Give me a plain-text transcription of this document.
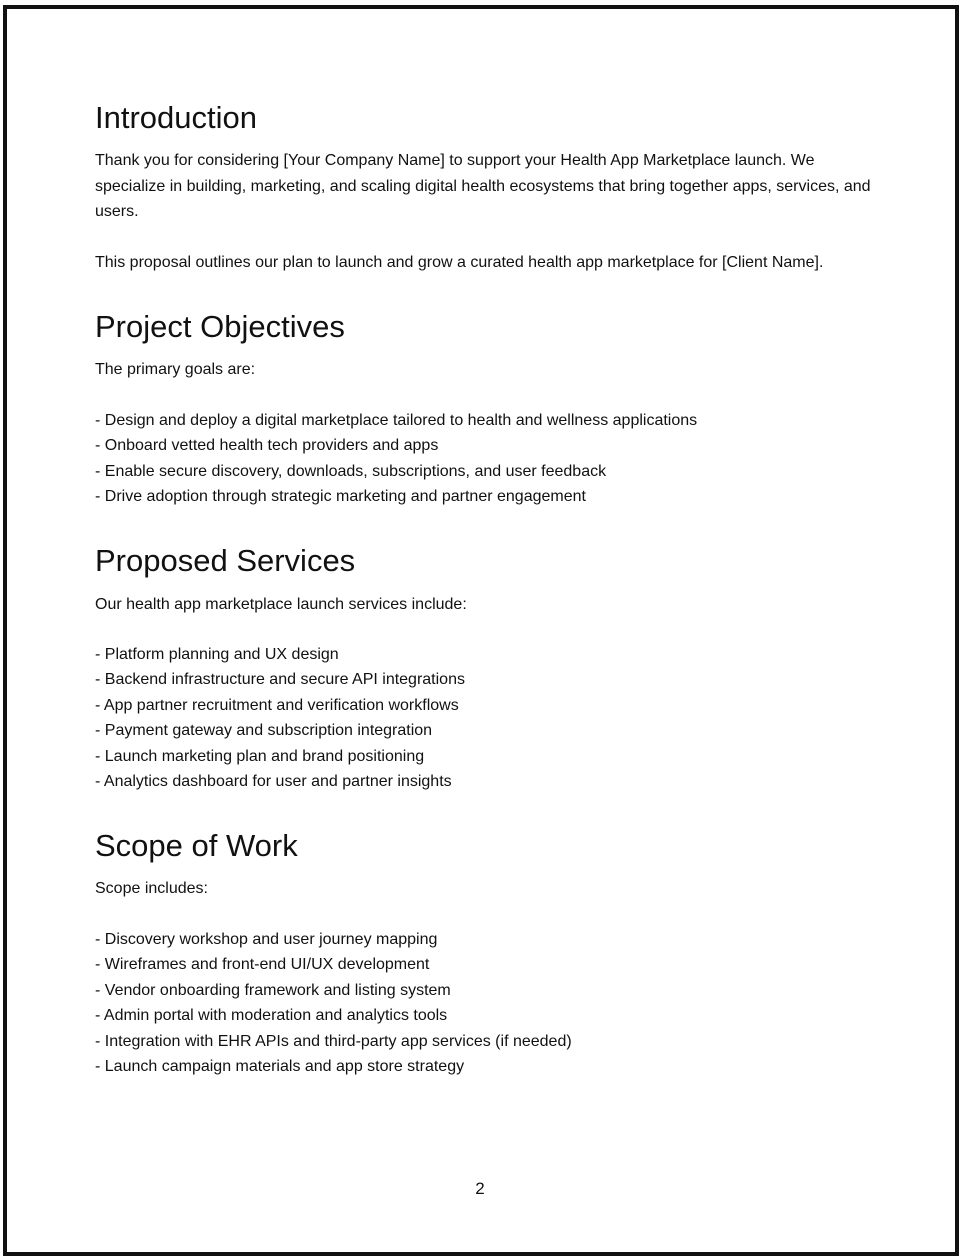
Introduction

Thank you for considering [Your Company Name] to support your Health App Marketplace launch. We specialize in building, marketing, and scaling digital health ecosystems that bring together apps, services, and users.

This proposal outlines our plan to launch and grow a curated health app marketplace for [Client Name].

Project Objectives

The primary goals are:

- Design and deploy a digital marketplace tailored to health and wellness applications
- Onboard vetted health tech providers and apps
- Enable secure discovery, downloads, subscriptions, and user feedback
- Drive adoption through strategic marketing and partner engagement
Proposed Services

Our health app marketplace launch services include:

- Platform planning and UX design
- Backend infrastructure and secure API integrations
- App partner recruitment and verification workflows
- Payment gateway and subscription integration
- Launch marketing plan and brand positioning
- Analytics dashboard for user and partner insights
Scope of Work

Scope includes:

- Discovery workshop and user journey mapping
- Wireframes and front-end UI/UX development
- Vendor onboarding framework and listing system
- Admin portal with moderation and analytics tools
- Integration with EHR APIs and third-party app services (if needed)
- Launch campaign materials and app store strategy
2
